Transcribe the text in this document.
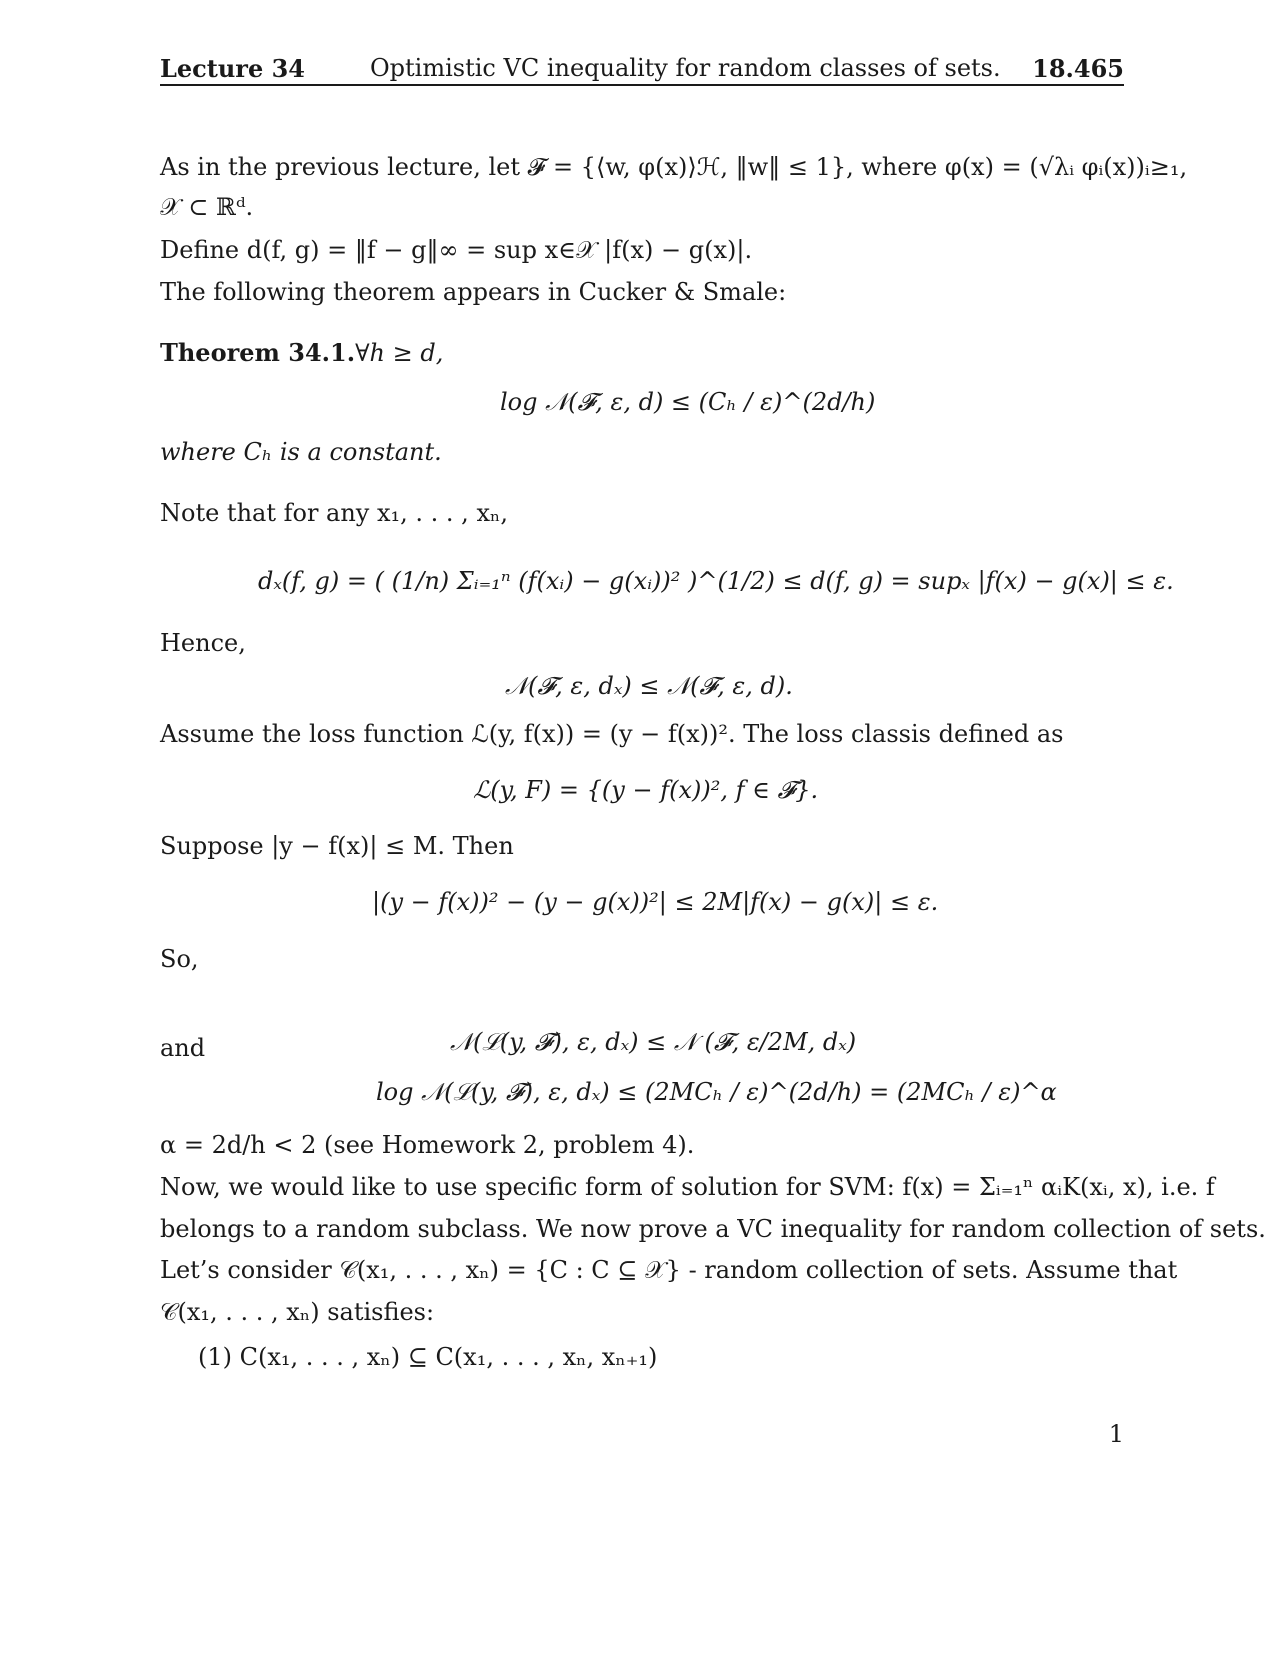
Lecture 34	Optimistic VC inequality for random classes of sets. 18.465
As in the previous lecture, let 𝓕 = {⟨w, φ(x)⟩ℋ, ‖w‖ ≤ 1}, where φ(x) = (√λᵢ φᵢ(x))ᵢ≥₁,
𝒳 ⊂ ℝᵈ.
Define d(f, g) = ‖f − g‖∞ = sup x∈𝒳 |f(x) − g(x)|.
The following theorem appears in Cucker & Smale:
Theorem 34.1.∀h ≥ d,
log 𝒩(𝓕, ε, d) ≤ (Cₕ / ε)^(2d/h)
where Cₕ is a constant.
Note that for any x₁, . . . , xₙ,
dₓ(f, g) = ( (1/n) Σᵢ₌₁ⁿ (f(xᵢ) − g(xᵢ))² )^(1/2) ≤ d(f, g) = supₓ |f(x) − g(x)| ≤ ε.
Hence,
𝒩(𝓕, ε, dₓ) ≤ 𝒩(𝓕, ε, d).
Assume the loss function ℒ(y, f(x)) = (y − f(x))². The loss classis defined as
ℒ(y, F) = {(y − f(x))², f ∈ 𝓕}.
Suppose |y − f(x)| ≤ M. Then
|(y − f(x))² − (y − g(x))²| ≤ 2M|f(x) − g(x)| ≤ ε.
So,
𝒩(ℒ(y, 𝓕), ε, dₓ) ≤ 𝒩 (𝓕, ε/2M, dₓ)
and
log 𝒩(ℒ(y, 𝓕), ε, dₓ) ≤ (2MCₕ / ε)^(2d/h) = (2MCₕ / ε)^α
α = 2d/h < 2 (see Homework 2, problem 4).
Now, we would like to use specific form of solution for SVM: f(x) = Σᵢ₌₁ⁿ αᵢK(xᵢ, x), i.e. f
belongs to a random subclass. We now prove a VC inequality for random collection of sets.
Let’s consider 𝒞(x₁, . . . , xₙ) = {C : C ⊆ 𝒳} - random collection of sets. Assume that
𝒞(x₁, . . . , xₙ) satisfies:
(1) C(x₁, . . . , xₙ) ⊆ C(x₁, . . . , xₙ, xₙ₊₁)
1
